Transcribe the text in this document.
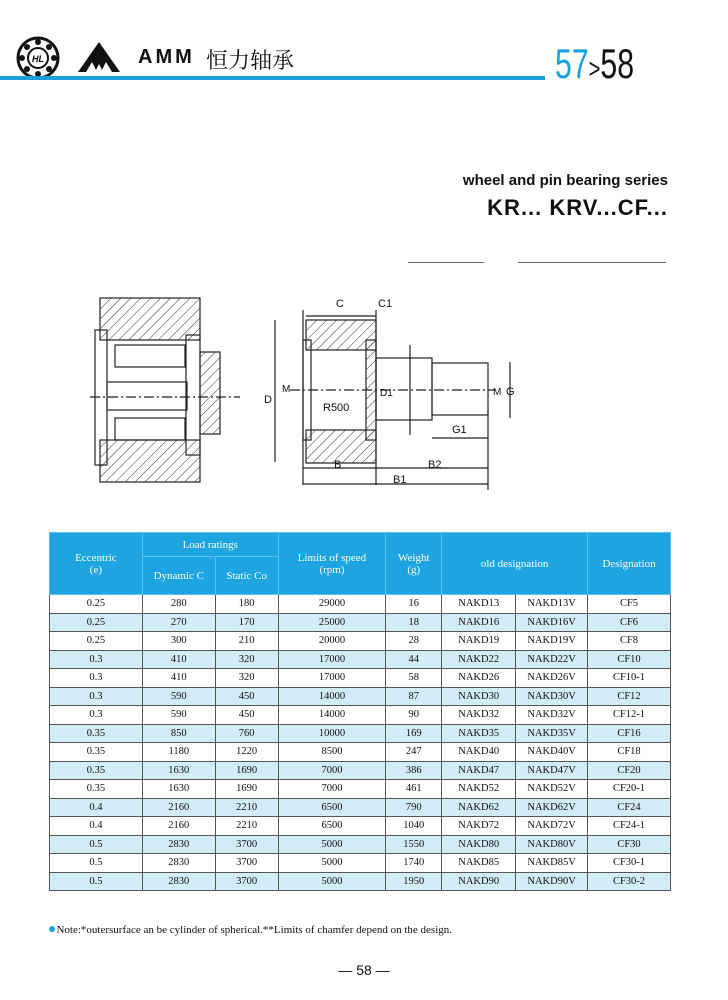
HL	AMM 恒力轴承	57>58
wheel and pin bearing series
KR... KRV...CF...
C	C1
D
M
R500
D1	M G
G1
B	B2
B1
Eccentric
(e)	Load ratings		Limits of speed
(rpm)	Weight
(g)	old designation		Designation
	Dynamic C	Static Co					
0.25	280	180	29000	16	NAKD13	NAKD13V	CF5
0.25	270	170	25000	18	NAKD16	NAKD16V	CF6
0.25	300	210	20000	28	NAKD19	NAKD19V	CF8
0.3	410	320	17000	44	NAKD22	NAKD22V	CF10
0.3	410	320	17000	58	NAKD26	NAKD26V	CF10-1
0.3	590	450	14000	87	NAKD30	NAKD30V	CF12
0.3	590	450	14000	90	NAKD32	NAKD32V	CF12-1
0.35	850	760	10000	169	NAKD35	NAKD35V	CF16
0.35	1180	1220	8500	247	NAKD40	NAKD40V	CF18
0.35	1630	1690	7000	386	NAKD47	NAKD47V	CF20
0.35	1630	1690	7000	461	NAKD52	NAKD52V	CF20-1
0.4	2160	2210	6500	790	NAKD62	NAKD62V	CF24
0.4	2160	2210	6500	1040	NAKD72	NAKD72V	CF24-1
0.5	2830	3700	5000	1550	NAKD80	NAKD80V	CF30
0.5	2830	3700	5000	1740	NAKD85	NAKD85V	CF30-1
0.5	2830	3700	5000	1950	NAKD90	NAKD90V	CF30-2
●Note:*outersurface an be cylinder of spherical.**Limits of chamfer depend on the design.
— 58 —
